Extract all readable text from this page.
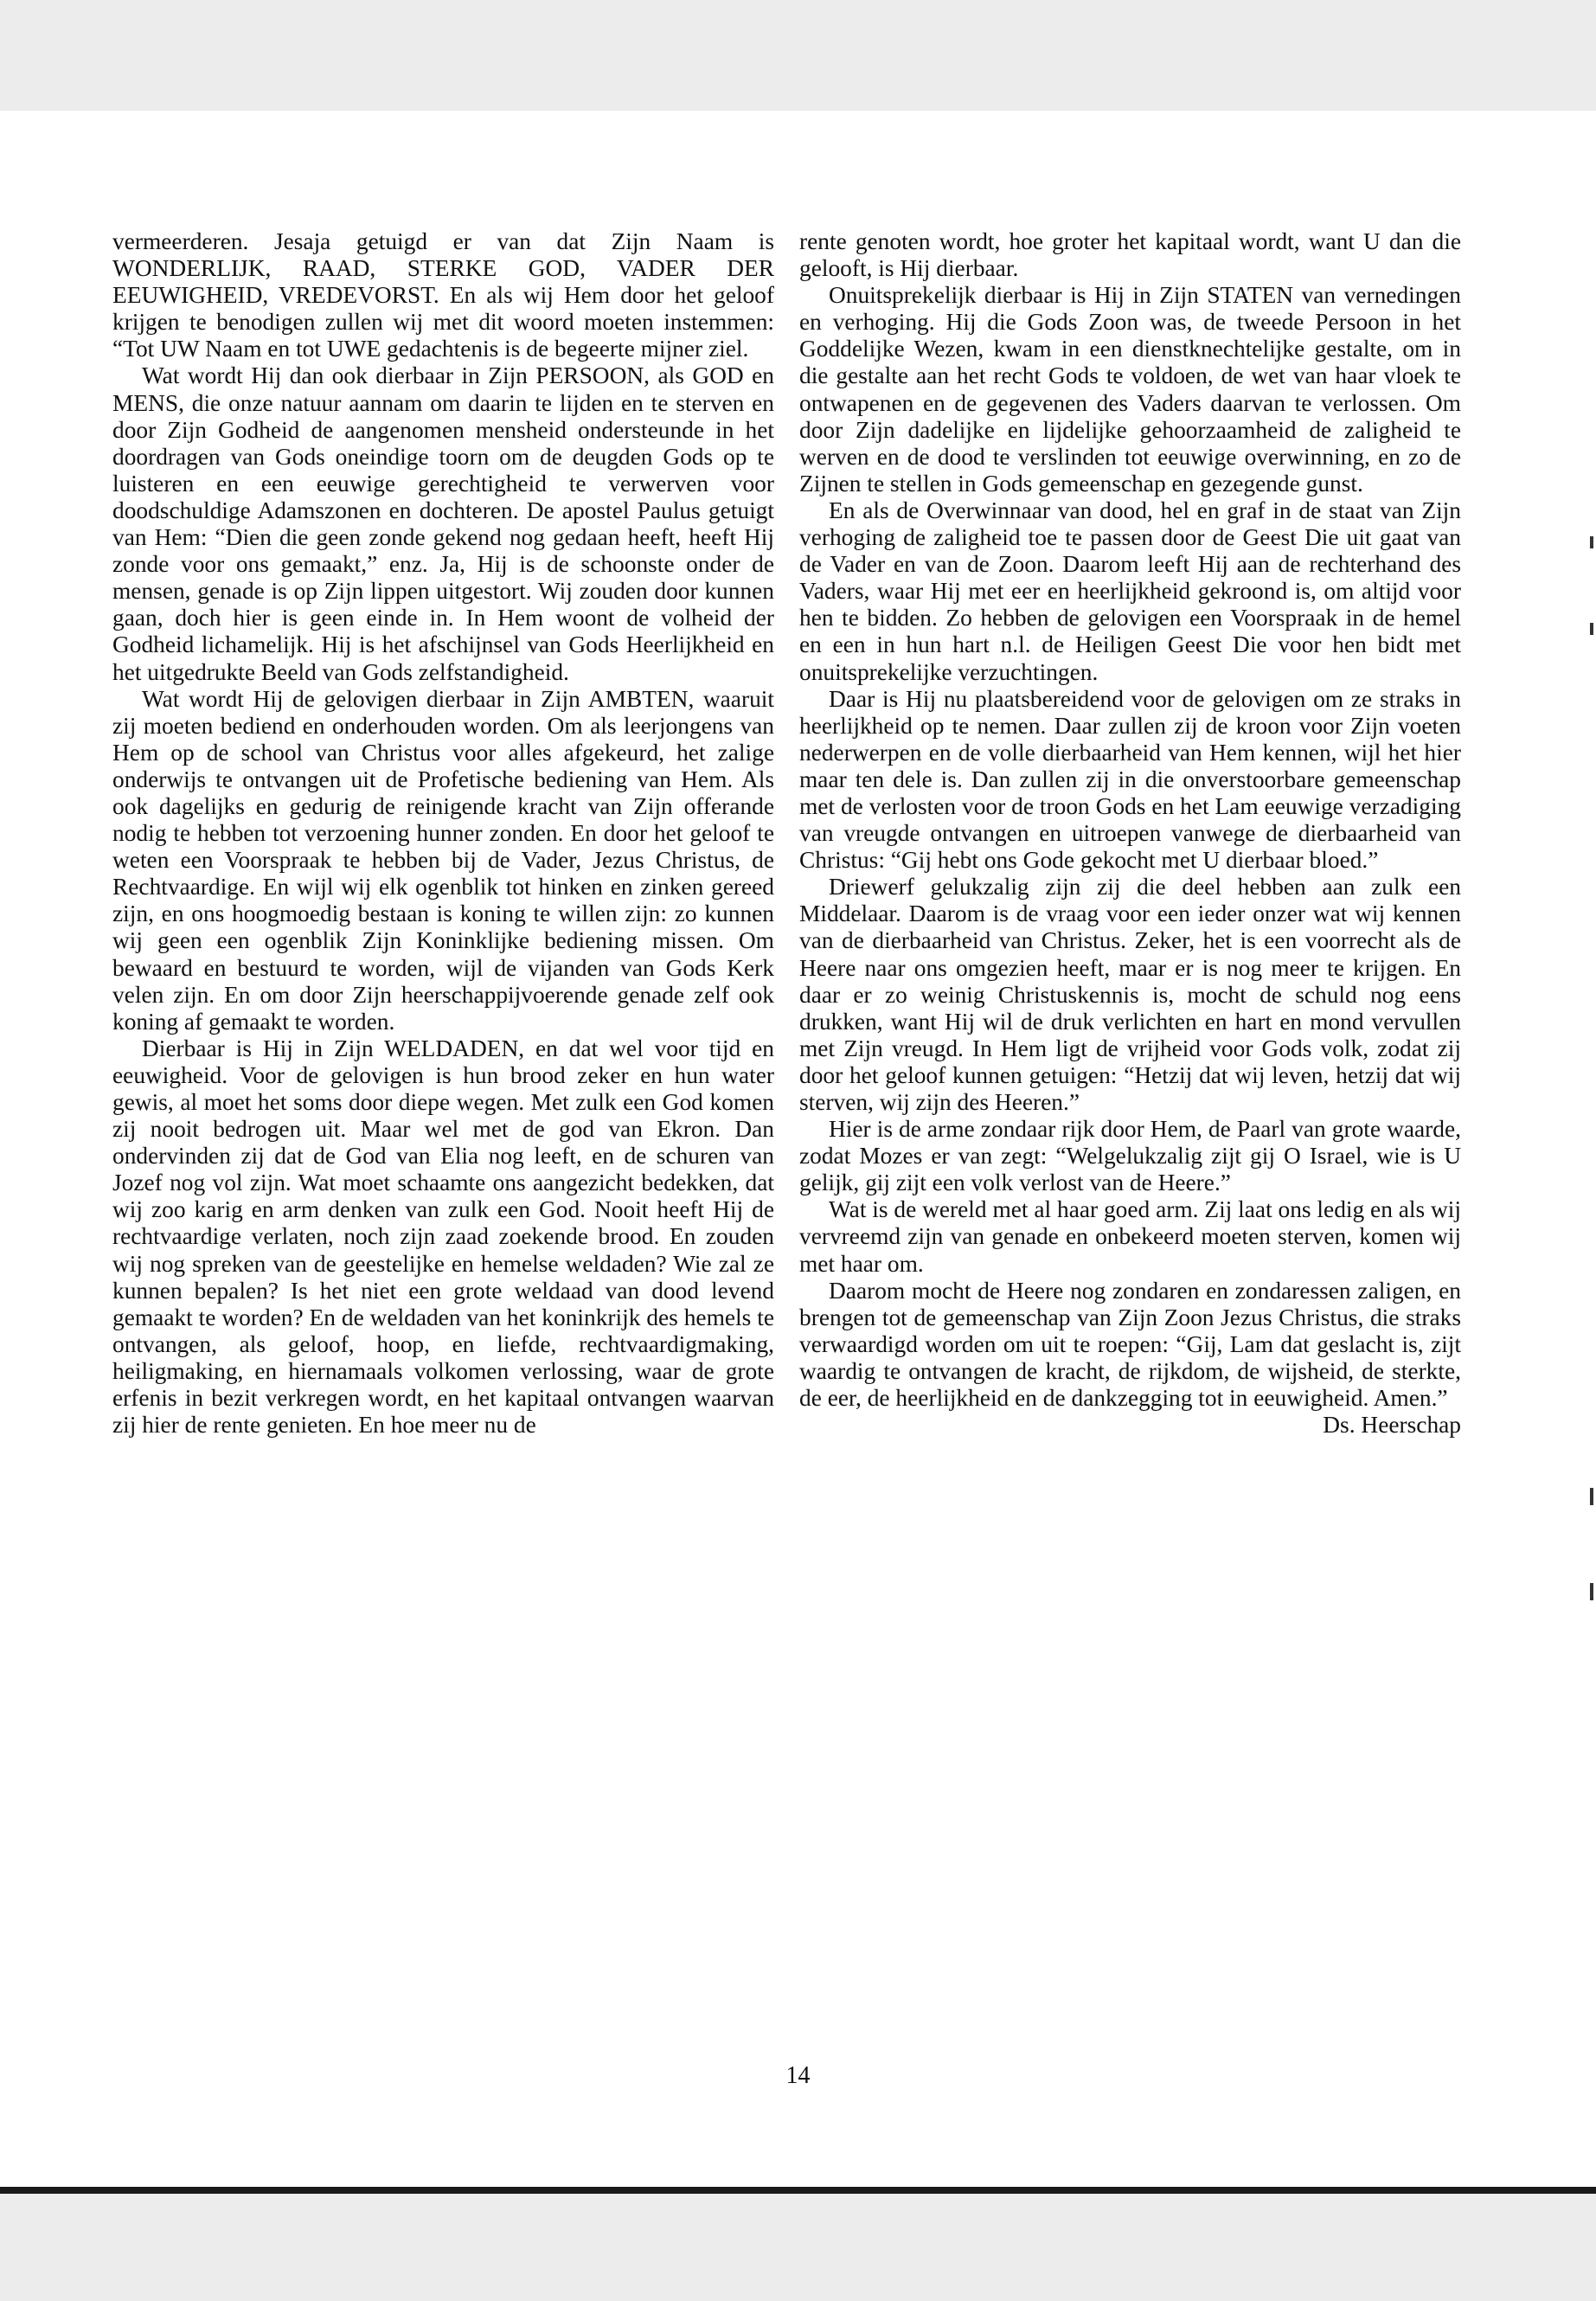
vermeerderen. Jesaja getuigd er van dat Zijn Naam is WONDERLIJK, RAAD, STERKE GOD, VADER DER EEUWIGHEID, VREDEVORST. En als wij Hem door het geloof krijgen te benodigen zullen wij met dit woord moeten instemmen: “Tot UW Naam en tot UWE gedachtenis is de begeerte mijner ziel.

Wat wordt Hij dan ook dierbaar in Zijn PERSOON, als GOD en MENS, die onze natuur aannam om daarin te lijden en te sterven en door Zijn Godheid de aangenomen mensheid ondersteunde in het doordragen van Gods oneindige toorn om de deugden Gods op te luisteren en een eeuwige gerechtigheid te verwerven voor doodschuldige Adamszonen en dochteren. De apostel Paulus getuigt van Hem: “Dien die geen zonde gekend nog gedaan heeft, heeft Hij zonde voor ons gemaakt,” enz. Ja, Hij is de schoonste onder de mensen, genade is op Zijn lippen uitgestort. Wij zouden door kunnen gaan, doch hier is geen einde in. In Hem woont de volheid der Godheid lichamelijk. Hij is het afschijnsel van Gods Heerlijkheid en het uitgedrukte Beeld van Gods zelfstandigheid.

Wat wordt Hij de gelovigen dierbaar in Zijn AMBTEN, waaruit zij moeten bediend en onderhouden worden. Om als leerjongens van Hem op de school van Christus voor alles afgekeurd, het zalige onderwijs te ontvangen uit de Profetische bediening van Hem. Als ook dagelijks en gedurig de reinigende kracht van Zijn offerande nodig te hebben tot verzoening hunner zonden. En door het geloof te weten een Voorspraak te hebben bij de Vader, Jezus Christus, de Rechtvaardige. En wijl wij elk ogenblik tot hinken en zinken gereed zijn, en ons hoogmoedig bestaan is koning te willen zijn: zo kunnen wij geen een ogenblik Zijn Koninklijke bediening missen. Om bewaard en bestuurd te worden, wijl de vijanden van Gods Kerk velen zijn. En om door Zijn heerschappijvoerende genade zelf ook koning af gemaakt te worden.

Dierbaar is Hij in Zijn WELDADEN, en dat wel voor tijd en eeuwigheid. Voor de gelovigen is hun brood zeker en hun water gewis, al moet het soms door diepe wegen. Met zulk een God komen zij nooit bedrogen uit. Maar wel met de god van Ekron. Dan ondervinden zij dat de God van Elia nog leeft, en de schuren van Jozef nog vol zijn. Wat moet schaamte ons aangezicht bedekken, dat wij zoo karig en arm denken van zulk een God. Nooit heeft Hij de rechtvaardige verlaten, noch zijn zaad zoekende brood. En zouden wij nog spreken van de geestelijke en hemelse weldaden? Wie zal ze kunnen bepalen? Is het niet een grote weldaad van dood levend gemaakt te worden? En de weldaden van het koninkrijk des hemels te ontvangen, als geloof, hoop, en liefde, rechtvaardigmaking, heiligmaking, en hiernamaals volkomen verlossing, waar de grote erfenis in bezit verkregen wordt, en het kapitaal ontvangen waarvan zij hier de rente genieten. En hoe meer nu de

rente genoten wordt, hoe groter het kapitaal wordt, want U dan die gelooft, is Hij dierbaar.

Onuitsprekelijk dierbaar is Hij in Zijn STATEN van vernedingen en verhoging. Hij die Gods Zoon was, de tweede Persoon in het Goddelijke Wezen, kwam in een dienstknechtelijke gestalte, om in die gestalte aan het recht Gods te voldoen, de wet van haar vloek te ontwapenen en de gegevenen des Vaders daarvan te verlossen. Om door Zijn dadelijke en lijdelijke gehoorzaamheid de zaligheid te werven en de dood te verslinden tot eeuwige overwinning, en zo de Zijnen te stellen in Gods gemeenschap en gezegende gunst.

En als de Overwinnaar van dood, hel en graf in de staat van Zijn verhoging de zaligheid toe te passen door de Geest Die uit gaat van de Vader en van de Zoon. Daarom leeft Hij aan de rechterhand des Vaders, waar Hij met eer en heerlijkheid gekroond is, om altijd voor hen te bidden. Zo hebben de gelovigen een Voorspraak in de hemel en een in hun hart n.l. de Heiligen Geest Die voor hen bidt met onuitsprekelijke verzuchtingen.

Daar is Hij nu plaatsbereidend voor de gelovigen om ze straks in heerlijkheid op te nemen. Daar zullen zij de kroon voor Zijn voeten nederwerpen en de volle dierbaarheid van Hem kennen, wijl het hier maar ten dele is. Dan zullen zij in die onverstoorbare gemeenschap met de verlosten voor de troon Gods en het Lam eeuwige verzadiging van vreugde ontvangen en uitroepen vanwege de dierbaarheid van Christus: “Gij hebt ons Gode gekocht met U dierbaar bloed.”

Driewerf gelukzalig zijn zij die deel hebben aan zulk een Middelaar. Daarom is de vraag voor een ieder onzer wat wij kennen van de dierbaarheid van Christus. Zeker, het is een voorrecht als de Heere naar ons omgezien heeft, maar er is nog meer te krijgen. En daar er zo weinig Christuskennis is, mocht de schuld nog eens drukken, want Hij wil de druk verlichten en hart en mond vervullen met Zijn vreugd. In Hem ligt de vrijheid voor Gods volk, zodat zij door het geloof kunnen getuigen: “Hetzij dat wij leven, hetzij dat wij sterven, wij zijn des Heeren.”

Hier is de arme zondaar rijk door Hem, de Paarl van grote waarde, zodat Mozes er van zegt: “Welgelukzalig zijt gij O Israel, wie is U gelijk, gij zijt een volk verlost van de Heere.”

Wat is de wereld met al haar goed arm. Zij laat ons ledig en als wij vervreemd zijn van genade en onbekeerd moeten sterven, komen wij met haar om.

Daarom mocht de Heere nog zondaren en zondaressen zaligen, en brengen tot de gemeenschap van Zijn Zoon Jezus Christus, die straks verwaardigd worden om uit te roepen: “Gij, Lam dat geslacht is, zijt waardig te ontvangen de kracht, de rijkdom, de wijsheid, de sterkte, de eer, de heerlijkheid en de dankzegging tot in eeuwigheid. Amen.”

Ds. Heerschap

14
